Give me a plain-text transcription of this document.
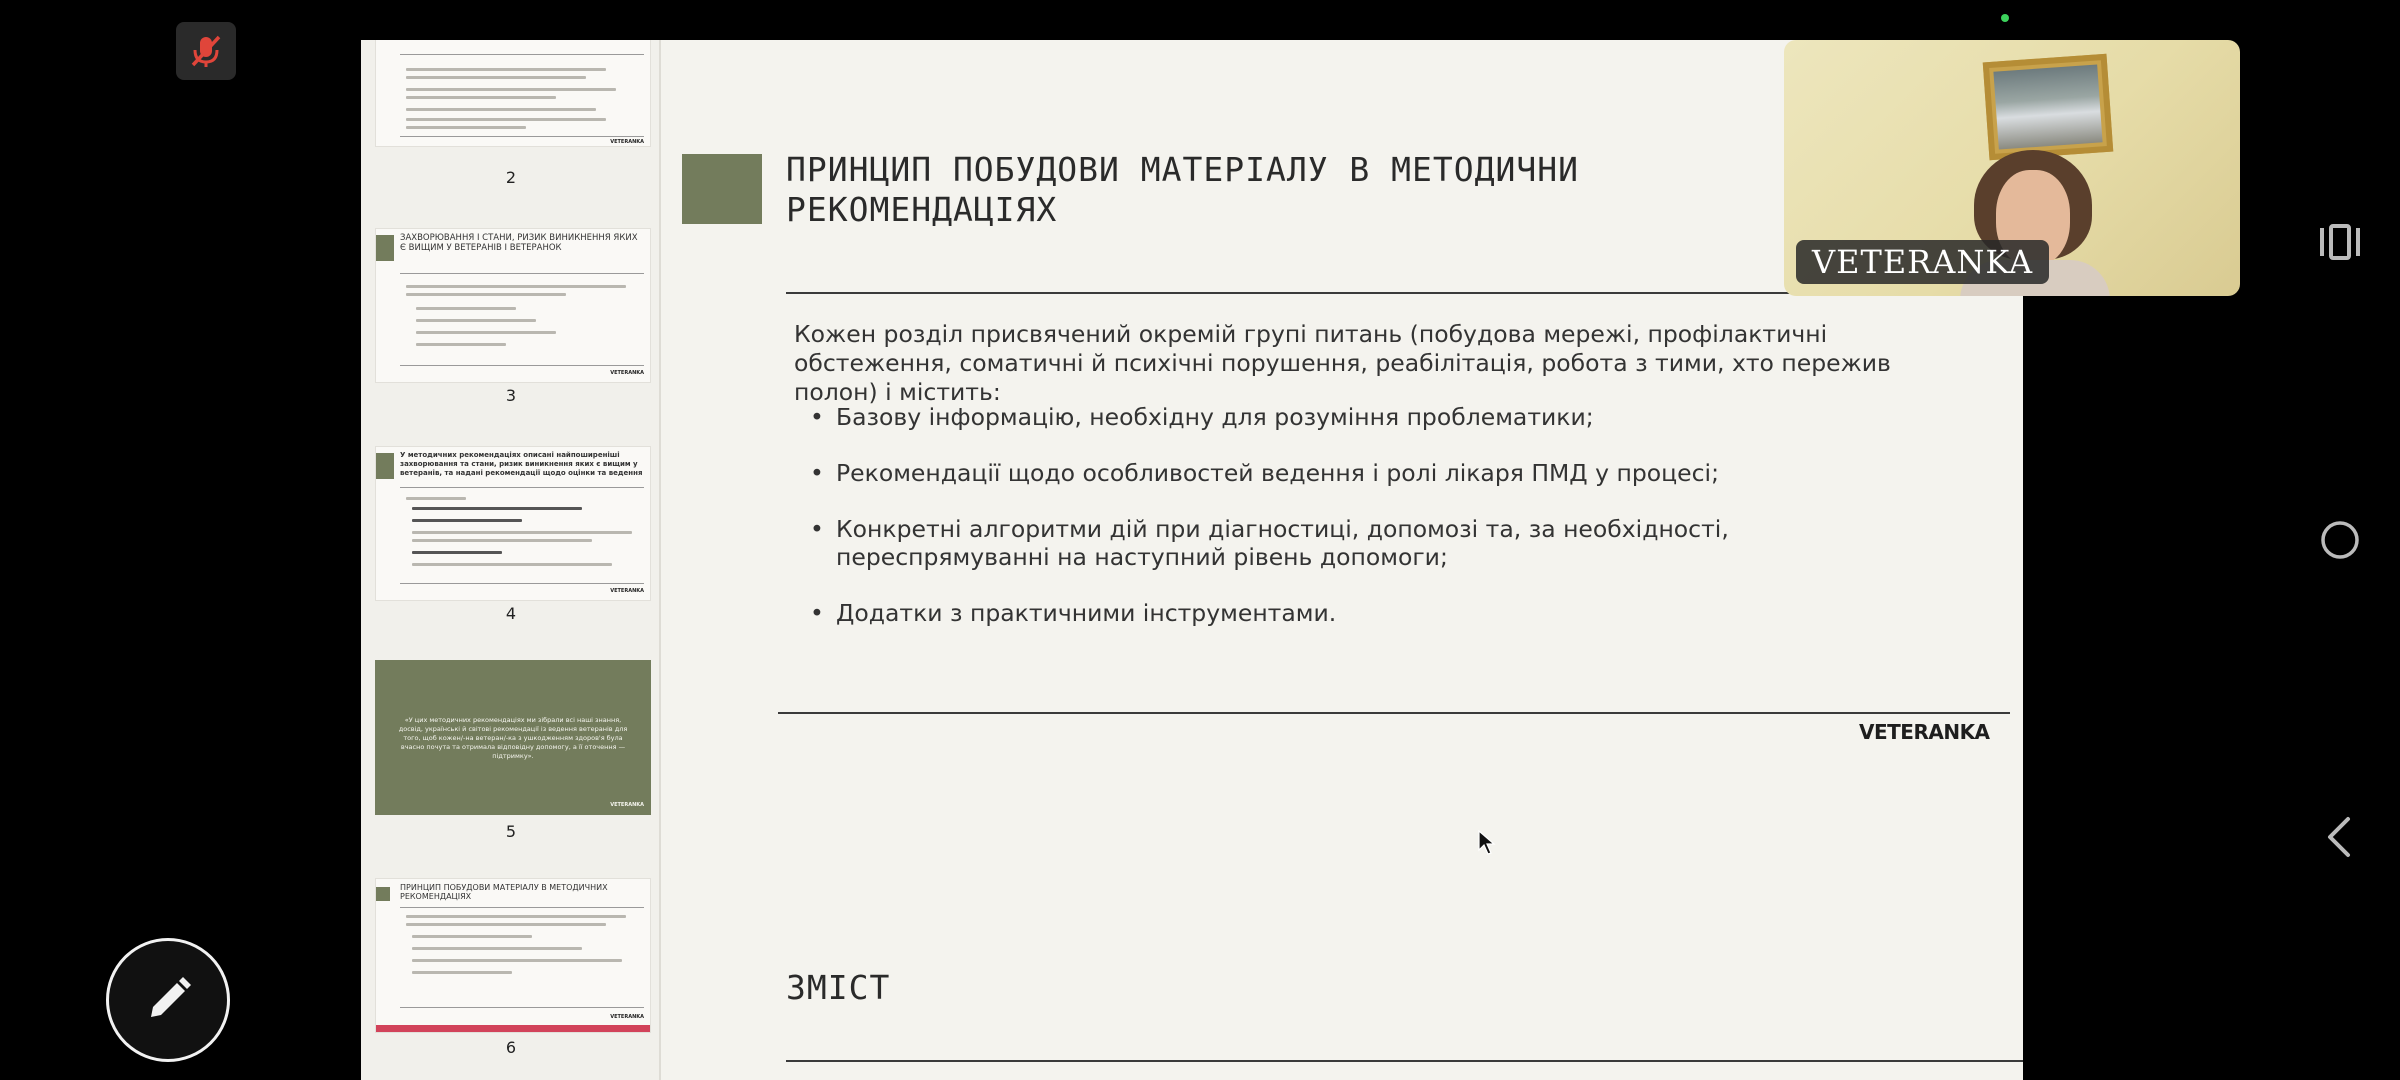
VETERANKA
2
ЗАХВОРЮВАННЯ І СТАНИ, РИЗИК ВИНИКНЕННЯ ЯКИХ Є ВИЩИМ У ВЕТЕРАНІВ І ВЕТЕРАНОК
VETERANKA
3
У методичних рекомендаціях описані найпоширеніші захворювання та стани, ризик виникнення яких є вищим у ветеранів, та надані рекомендації щодо оцінки та ведення
VETERANKA
4
«У цих методичних рекомендаціях ми зібрали всі наші знання, досвід, українські й світові рекомендації із ведення ветеранів для того, щоб кожен/-на ветеран/-ка з ушкодженням здоров'я була вчасно почута та отримала відповідну допомогу, а її оточення — підтримку».
VETERANKA
5
ПРИНЦИП ПОБУДОВИ МАТЕРІАЛУ В МЕТОДИЧНИХ РЕКОМЕНДАЦІЯХ
VETERANKA
6
ПРИНЦИП ПОБУДОВИ МАТЕРІАЛУ В МЕТОДИЧНИ
РЕКОМЕНДАЦІЯХ
Кожен розділ присвячений окремій групі питань (побудова мережі, профілактичні обстеження, соматичні й психічні порушення, реабілітація, робота з тими, хто пережив полон) і містить:
• Базову інформацію, необхідну для розуміння проблематики;
• Рекомендації щодо особливостей ведення і ролі лікаря ПМД у процесі;
• Конкретні алгоритми дій при діагностиці, допомозі та, за необхідності, переспрямуванні на наступний рівень допомоги;
• Додатки з практичними інструментами.
VETERANKA
ЗМІСТ
VETERANKA
